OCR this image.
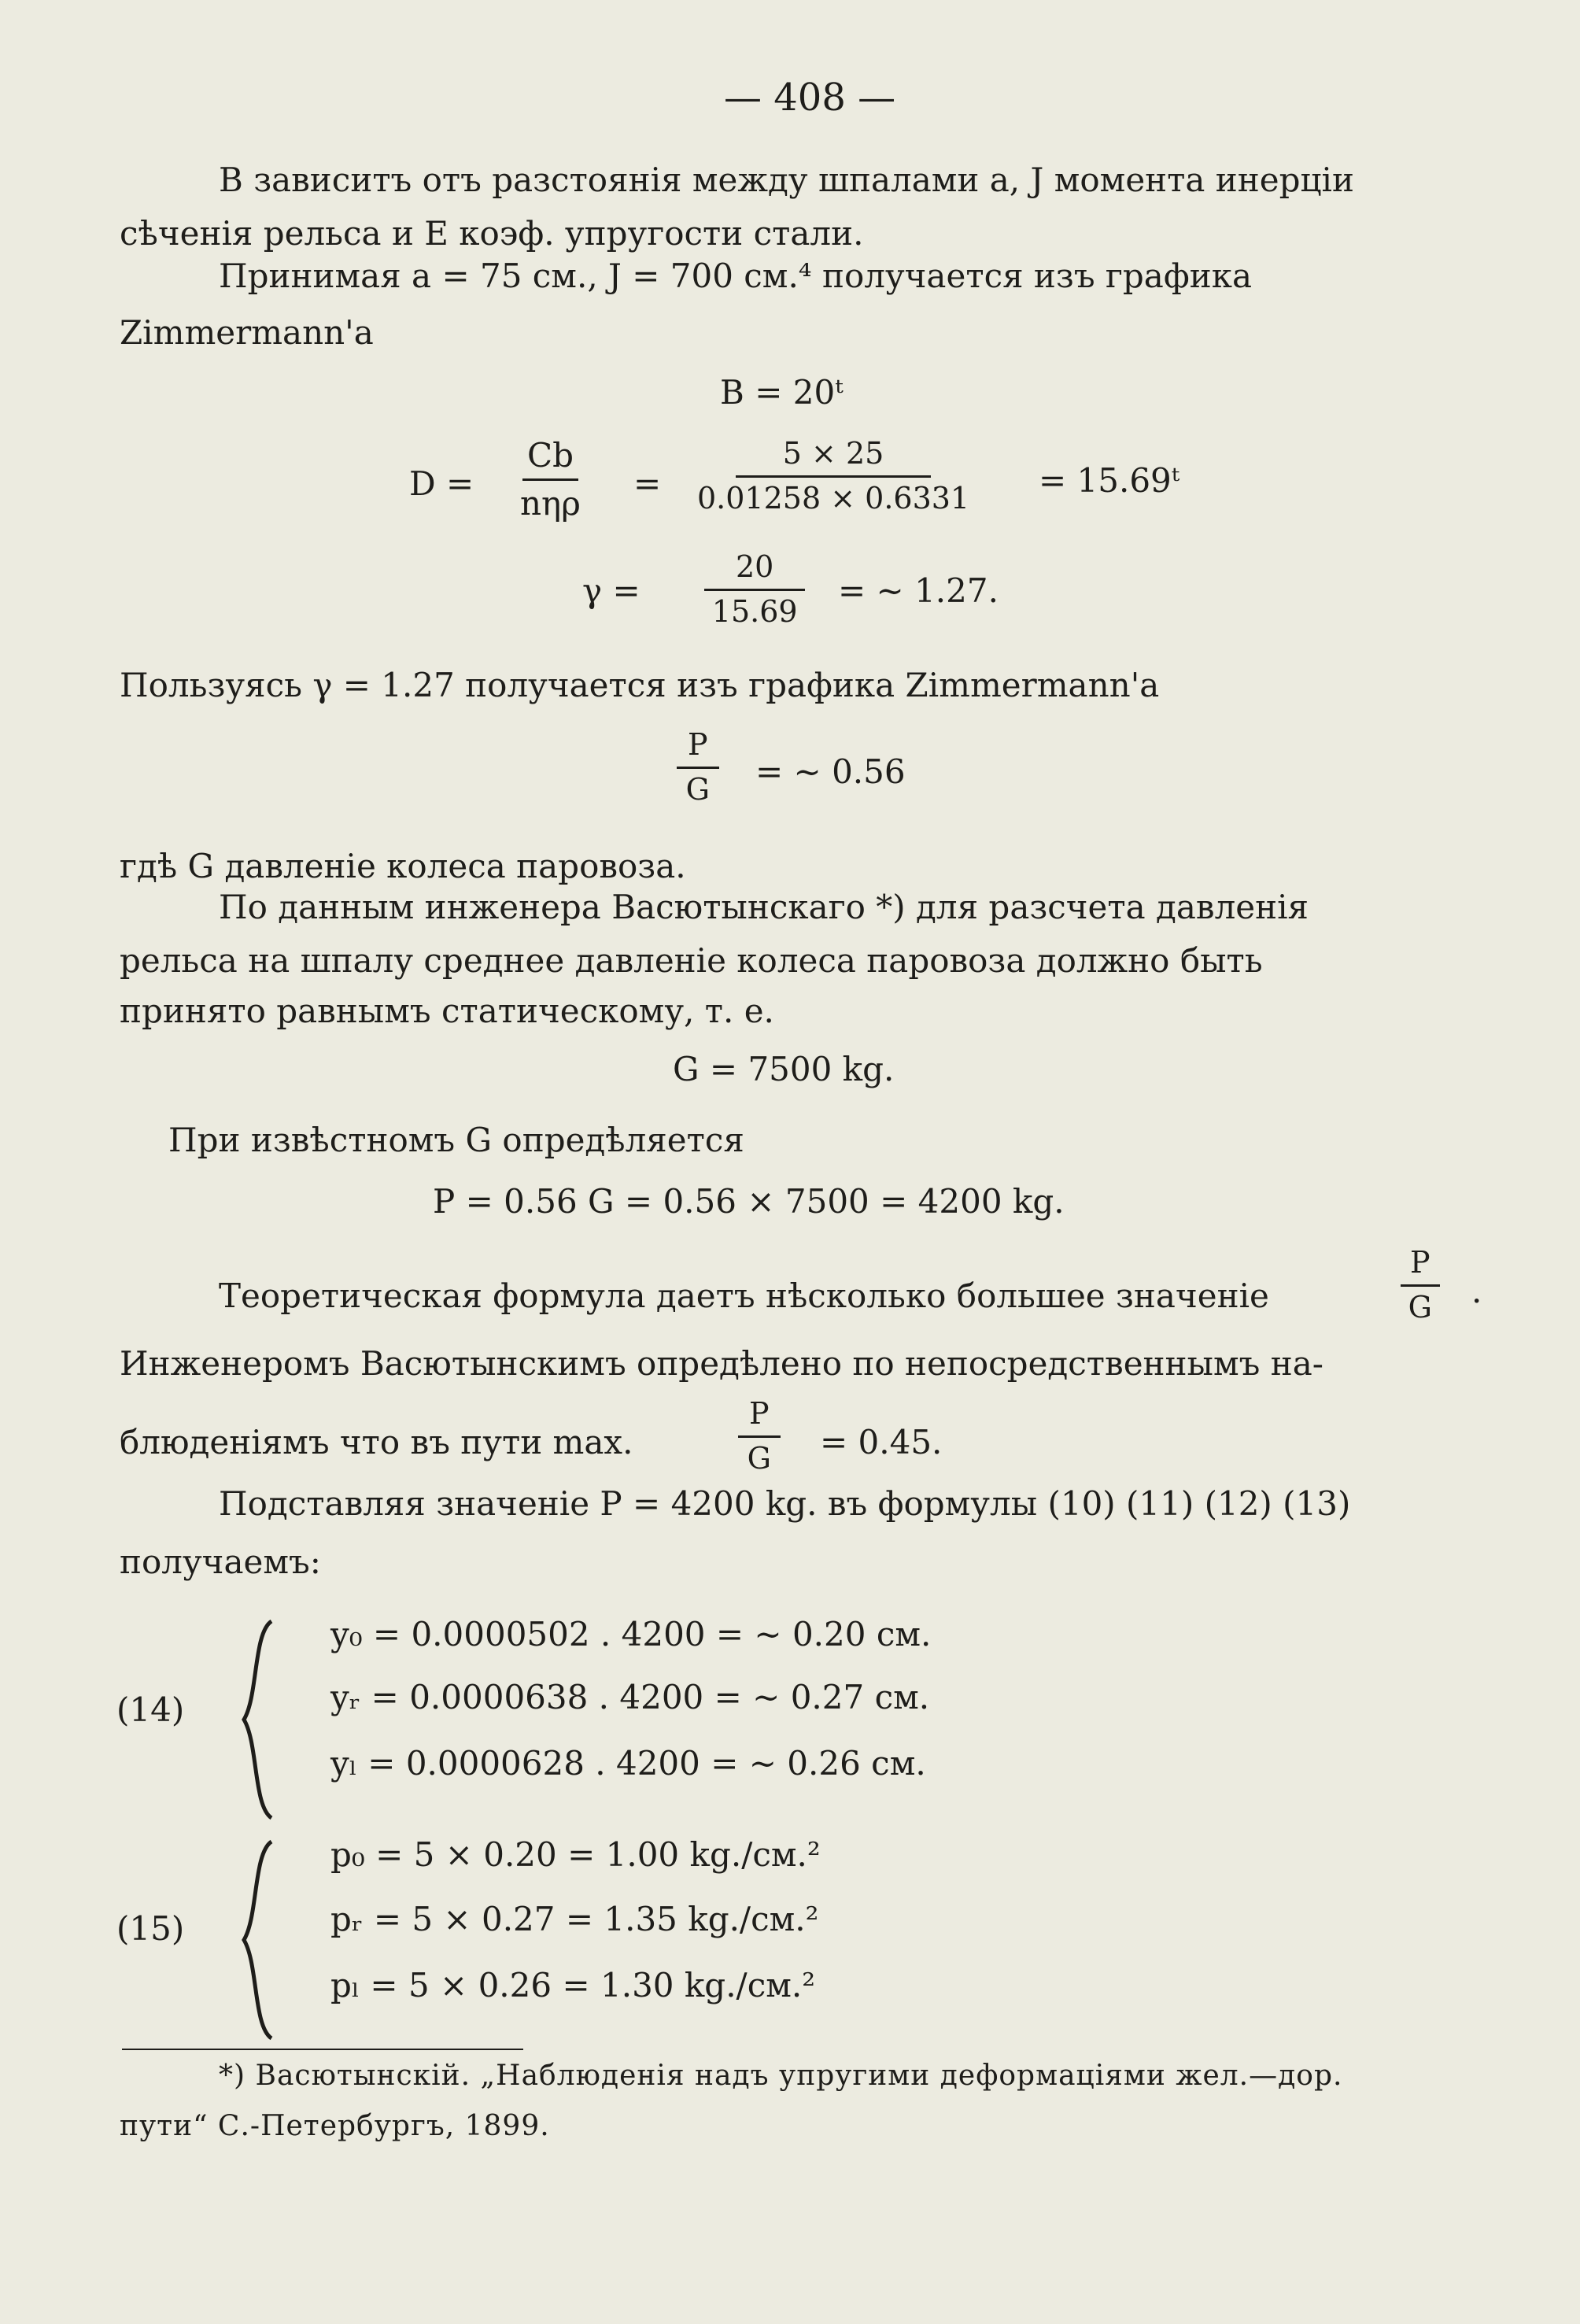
— 408 —
В зависитъ отъ разстоянія между шпалами a, J момента инерціи
сѣченія рельса и E коэф. упругости стали.
Принимая a = 75 см., J = 700 см.⁴ получается изъ графика
Zimmermann'a
B = 20ᵗ
D =
Cb
nηρ
= $\frac{5 ⨯ 25}{0.01258 ⨯ 0.6331}$ = 15.69ᵗ
$\gamma = \frac{20}{15.69}$ = ~ 1.27.
Пользуясь γ = 1.27 получается изъ графика Zimmermann'a
$\frac{P}{G}$ = ~ 0.56
гдѣ G давленіе колеса паровоза.
По данным инженера Васютынскаго *) для разсчета давленія
рельса на шпалу среднее давленіе колеса паровоза должно быть
принято равнымъ статическому, т. е.
G = 7500 kg.
При извѣстномъ G опредѣляется
P = 0.56 G = 0.56 ⨯ 7500 = 4200 kg.
Теоретическая формула даетъ нѣсколько большее значеніе	$\frac{P}{G}$ .
Инженеромъ Васютынскимъ опредѣлено по непосредственнымъ на-
блюденіямъ что въ пути max.	$\frac{P}{G} = 0.45$.
Подставляя значеніе P = 4200 kg. въ формулы (10) (11) (12) (13)
получаемъ:
(14)
y₀ = 0.0000502 . 4200 = ~ 0.20 см.
yᵣ = 0.0000638 . 4200 = ~ 0.27 см.
yₗ = 0.0000628 . 4200 = ~ 0.26 см.
(15)
p₀ = 5 ⨯ 0.20 = 1.00 kg./см.²
pᵣ = 5 ⨯ 0.27 = 1.35 kg./см.²
pₗ = 5 ⨯ 0.26 = 1.30 kg./см.²
*) Васютынскій. „Наблюденія надъ упругими деформаціями жел.—дор.
пути“ С.-Петербургъ, 1899.
